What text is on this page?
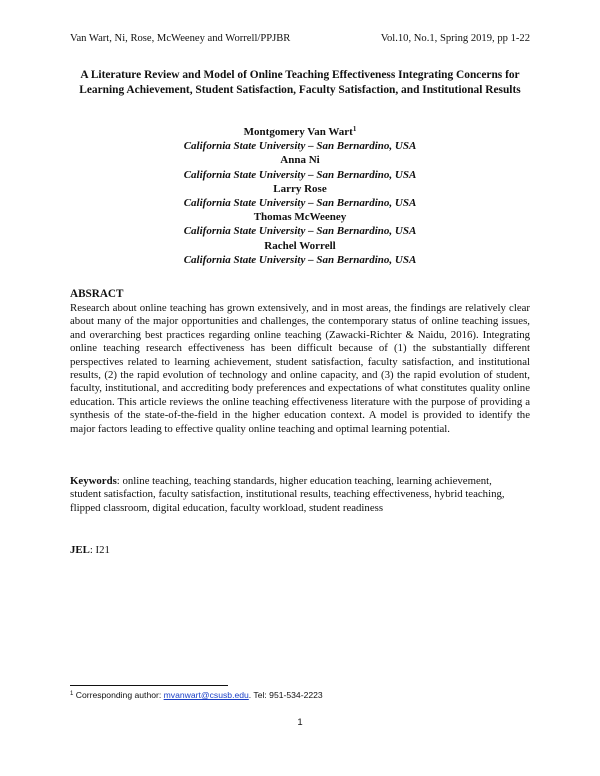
Van Wart, Ni, Rose, McWeeney and Worrell/PPJBR	Vol.10, No.1, Spring 2019, pp 1-22
A Literature Review and Model of Online Teaching Effectiveness Integrating Concerns for
Learning Achievement, Student Satisfaction, Faculty Satisfaction, and Institutional Results
Montgomery Van Wart$^1$
California State University – San Bernardino, USA
Anna Ni
California State University – San Bernardino, USA
Larry Rose
California State University – San Bernardino, USA
Thomas McWeeney
California State University – San Bernardino, USA
Rachel Worrell
California State University – San Bernardino, USA
ABSRACT
Research about online teaching has grown extensively, and in most areas, the findings are relatively clear about many of the major opportunities and challenges, the contemporary status of online teaching issues, and overarching best practices regarding online teaching (Zawacki-Richter & Naidu, 2016). Integrating online teaching research effectiveness has been difficult because of (1) the substantially different perspectives related to learning achievement, student satisfaction, faculty satisfaction, and institutional results, (2) the rapid evolution of technology and online capacity, and (3) the rapid evolution of student, faculty, institutional, and accrediting body preferences and expectations of what constitutes quality online education. This article reviews the online teaching effectiveness literature with the purpose of providing a synthesis of the state-of-the-field in the higher education context. A model is provided to identify the major factors leading to effective quality online teaching and optimal learning potential.
Keywords: online teaching, teaching standards, higher education teaching, learning achievement, student satisfaction, faculty satisfaction, institutional results, teaching effectiveness, hybrid teaching, flipped classroom, digital education, faculty workload, student readiness
JEL: I21
$^1$ Corresponding author: mvanwart@csusb.edu. Tel: 951-534-2223
1
